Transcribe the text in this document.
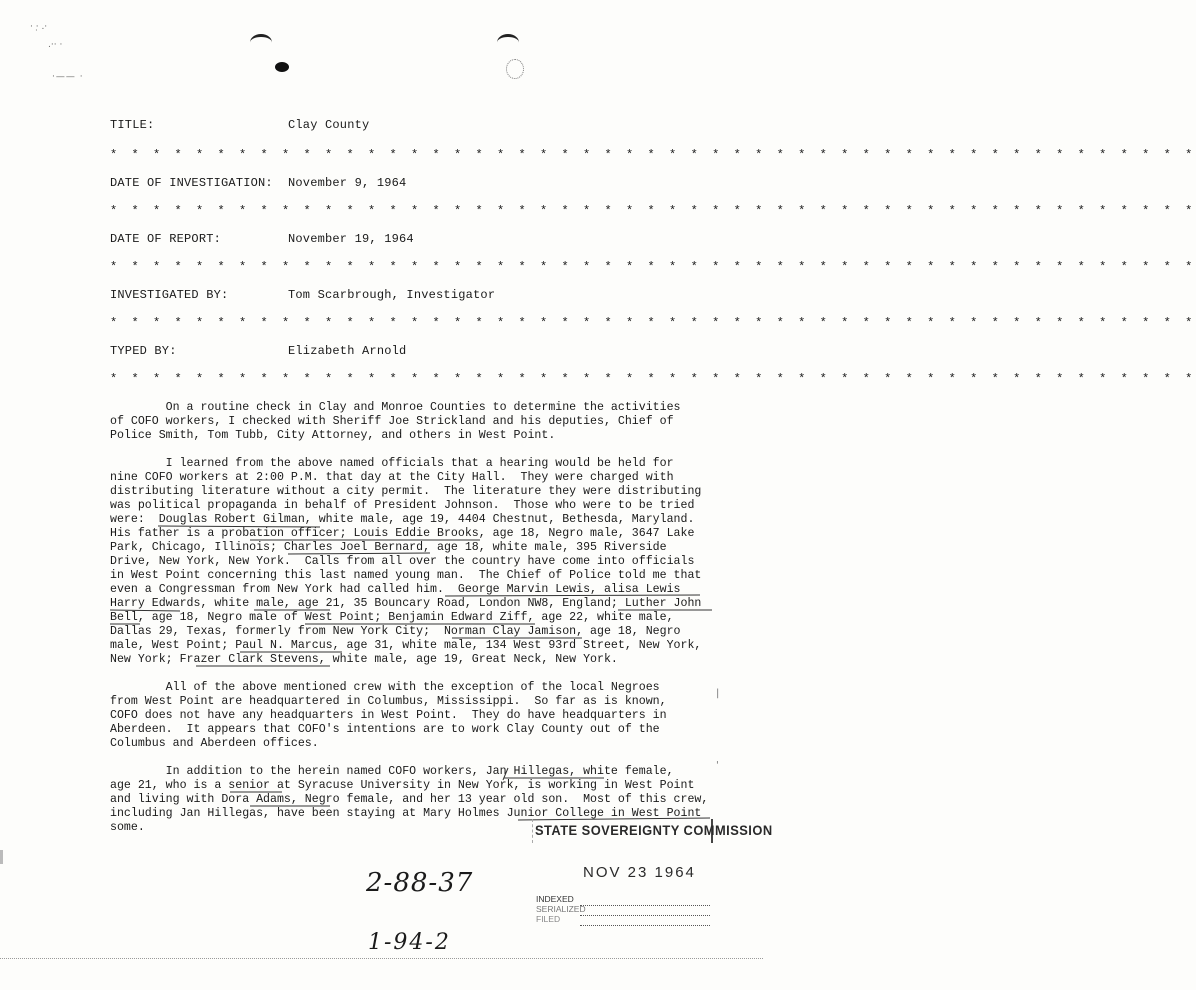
· ·̣ .·
.·· ·
·—— ·
TITLE:	Clay County
* * * * * * * * * * * * * * * * * * * * * * * * * * * * * * * * * * * * * * * * * * * * * * * * * * *
DATE OF INVESTIGATION: November 9, 1964
* * * * * * * * * * * * * * * * * * * * * * * * * * * * * * * * * * * * * * * * * * * * * * * * * * *
DATE OF REPORT:	November 19, 1964
* * * * * * * * * * * * * * * * * * * * * * * * * * * * * * * * * * * * * * * * * * * * * * * * * * *
INVESTIGATED BY:	Tom Scarbrough, Investigator
* * * * * * * * * * * * * * * * * * * * * * * * * * * * * * * * * * * * * * * * * * * * * * * * * * *
TYPED BY:	Elizabeth Arnold
* * * * * * * * * * * * * * * * * * * * * * * * * * * * * * * * * * * * * * * * * * * * * * * * * * *
On a routine check in Clay and Monroe Counties to determine the activities
of COFO workers, I checked with Sheriff Joe Strickland and his deputies, Chief of
Police Smith, Tom Tubb, City Attorney, and others in West Point.
I learned from the above named officials that a hearing would be held for
nine COFO workers at 2:00 P.M. that day at the City Hall.  They were charged with
distributing literature without a city permit.  The literature they were distributing
was political propaganda in behalf of President Johnson.  Those who were to be tried
were:  Douglas Robert Gilman, white male, age 19, 4404 Chestnut, Bethesda, Maryland.
His father is a probation officer; Louis Eddie Brooks, age 18, Negro male, 3647 Lake
Park, Chicago, Illinois; Charles Joel Bernard, age 18, white male, 395 Riverside
Drive, New York, New York.  Calls from all over the country have come into officials
in West Point concerning this last named young man.  The Chief of Police told me that
even a Congressman from New York had called him.  George Marvin Lewis, alisa Lewis
Harry Edwards, white male, age 21, 35 Bouncary Road, London NW8, England; Luther John
Bell, age 18, Negro male of West Point; Benjamin Edward Ziff, age 22, white male,
Dallas 29, Texas, formerly from New York City;  Norman Clay Jamison, age 18, Negro
male, West Point; Paul N. Marcus, age 31, white male, 134 West 93rd Street, New York,
New York; Frazer Clark Stevens, white male, age 19, Great Neck, New York.
All of the above mentioned crew with the exception of the local Negroes
from West Point are headquartered in Columbus, Mississippi.  So far as is known,
COFO does not have any headquarters in West Point.  They do have headquarters in
Aberdeen.  It appears that COFO's intentions are to work Clay County out of the
Columbus and Aberdeen offices.
In addition to the herein named COFO workers, Jan Hillegas, white female,
age 21, who is a senior at Syracuse University in New York, is working in West Point
and living with Dora Adams, Negro female, and her 13 year old son.  Most of this crew,
including Jan Hillegas, have been staying at Mary Holmes Junior College in West Point
some.
|
'
STATE SOVEREIGNTY COMMISSION
NOV 23 1964
INDEXED
SERIALIZED
FILED
2-88-37
1-94-2
